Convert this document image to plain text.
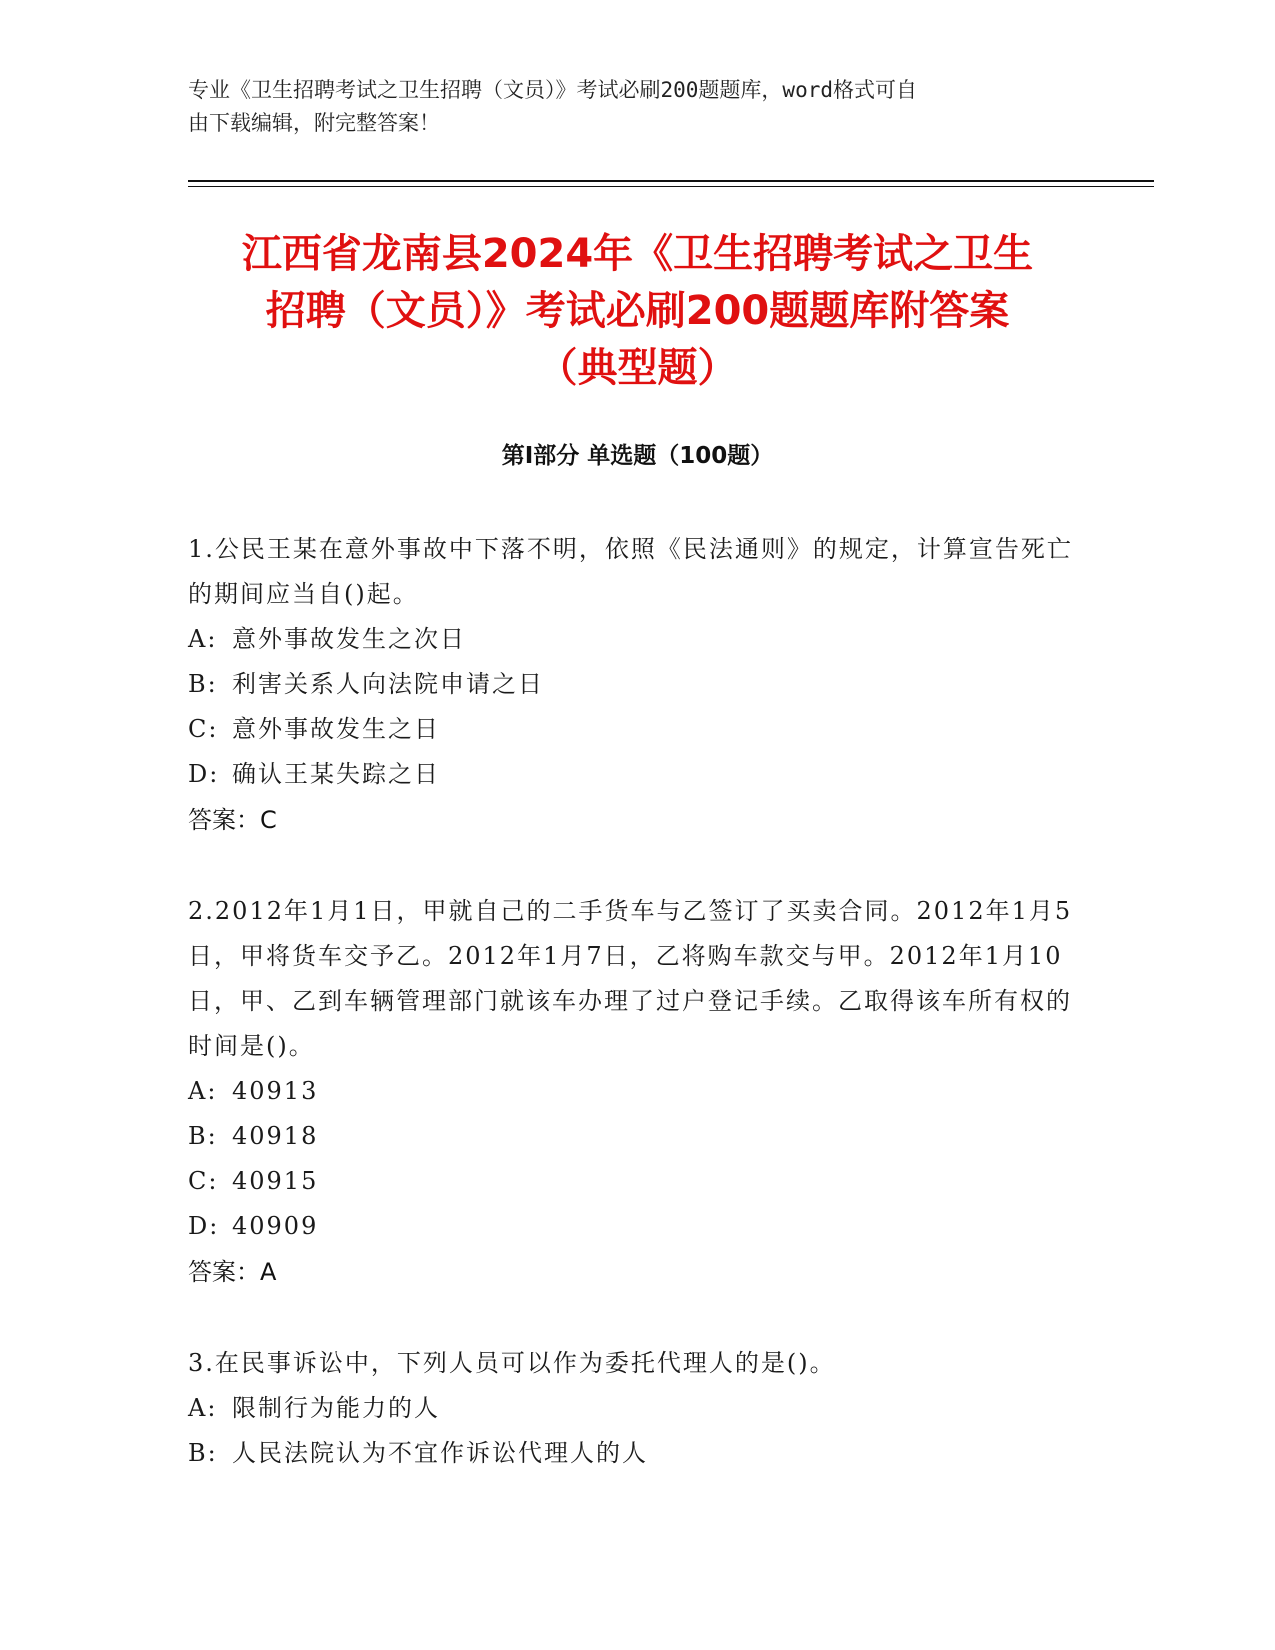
专业《卫生招聘考试之卫生招聘（文员）》考试必刷200题题库，word格式可自
由下载编辑，附完整答案！
江西省龙南县2024年《卫生招聘考试之卫生
招聘（文员）》考试必刷200题题库附答案
（典型题）
第Ⅰ部分 单选题（100题）
1.公民王某在意外事故中下落不明，依照《民法通则》的规定，计算宣告死亡的期间应当自()起。
A: 意外事故发生之次日
B: 利害关系人向法院申请之日
C: 意外事故发生之日
D: 确认王某失踪之日
答案：C
2.2012年1月1日，甲就自己的二手货车与乙签订了买卖合同。2012年1月5日，甲将货车交予乙。2012年1月7日，乙将购车款交与甲。2012年1月10日，甲、乙到车辆管理部门就该车办理了过户登记手续。乙取得该车所有权的时间是()。
A: 40913
B: 40918
C: 40915
D: 40909
答案：A
3.在民事诉讼中，下列人员可以作为委托代理人的是()。
A: 限制行为能力的人
B: 人民法院认为不宜作诉讼代理人的人
